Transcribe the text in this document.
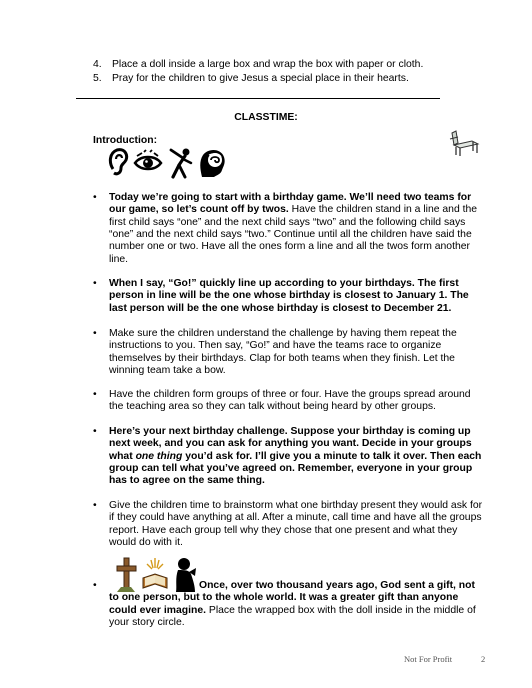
4. Place a doll inside a large box and wrap the box with paper or cloth.
5. Pray for the children to give Jesus a special place in their hearts.
CLASSTIME:
Introduction:
• Today we’re going to start with a birthday game. We’ll need two teams for our game, so let’s count off by twos. Have the children stand in a line and the first child says “one” and the next child says “two” and the following child says “one” and the next child says “two.” Continue until all the children have said the number one or two. Have all the ones form a line and all the twos form another line.
• When I say, “Go!” quickly line up according to your birthdays. The first person in line will be the one whose birthday is closest to January 1. The last person will be the one whose birthday is closest to December 21.
• Make sure the children understand the challenge by having them repeat the instructions to you. Then say, “Go!” and have the teams race to organize themselves by their birthdays. Clap for both teams when they finish. Let the winning team take a bow.
• Have the children form groups of three or four. Have the groups spread around the teaching area so they can talk without being heard by other groups.
• Here’s your next birthday challenge. Suppose your birthday is coming up next week, and you can ask for anything you want. Decide in your groups what one thing you’d ask for. I’ll give you a minute to talk it over. Then each group can tell what you’ve agreed on. Remember, everyone in your group has to agree on the same thing.
• Give the children time to brainstorm what one birthday present they would ask for if they could have anything at all. After a minute, call time and have all the groups report. Have each group tell why they chose that one present and what they would do with it.
•	Once, over two thousand years ago, God sent a gift, not
to one person, but to the whole world. It was a greater gift than anyone could ever imagine. Place the wrapped box with the doll inside in the middle of your story circle.
Not For Profit	2
